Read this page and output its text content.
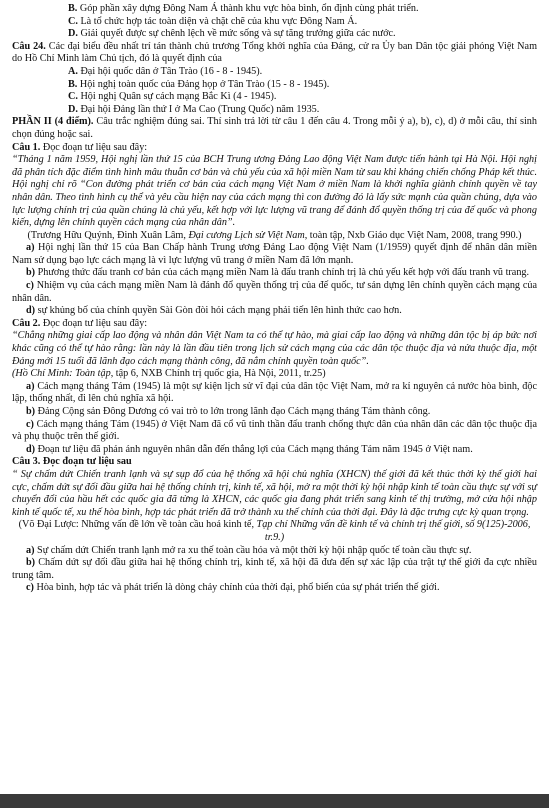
B. Góp phần xây dựng Đông Nam Á thành khu vực hòa bình, ổn định cùng phát triển.

C. Là tổ chức hợp tác toàn diện và chặt chẽ của khu vực Đông Nam Á.

D. Giải quyết được sự chênh lệch về mức sống và sự tăng trưởng giữa các nước.

Câu 24. Các đại biểu đều nhất trí tán thành chủ trương Tổng khởi nghĩa của Đảng, cử ra Ủy ban Dân tộc giải phóng Việt Nam do Hồ Chí Minh làm Chủ tịch, đó là quyết định của

A. Đại hội quốc dân ở Tân Trào (16 - 8 - 1945).

B. Hội nghị toàn quốc của Đảng họp ở Tân Trào (15 - 8 - 1945).

C. Hội nghị Quân sự cách mạng Bắc Kì (4 - 1945).

D. Đại hội Đảng lần thứ I ở Ma Cao (Trung Quốc) năm 1935.

PHẦN II (4 điểm). Câu trắc nghiệm đúng sai. Thí sinh trả lời từ câu 1 đến câu 4. Trong mỗi ý a), b), c), d) ở mỗi câu, thí sinh chọn đúng hoặc sai.

Câu 1. Đọc đoạn tư liệu sau đây:

“Tháng 1 năm 1959, Hội nghị lần thứ 15 của BCH Trung ương Đảng Lao động Việt Nam được tiến hành tại Hà Nội. Hội nghị đã phân tích đặc điểm tình hình mâu thuẫn cơ bản và chủ yếu của xã hội miền Nam từ sau khi kháng chiến chống Pháp kết thúc. Hội nghị chỉ rõ “Con đường phát triển cơ bản của cách mạng Việt Nam ở miền Nam là khởi nghĩa giành chính quyền về tay nhân dân. Theo tình hình cụ thể và yêu cầu hiện nay của cách mạng thì con đường đó là lấy sức mạnh của quần chúng, dựa vào lực lượng chính trị của quần chúng là chủ yếu, kết hợp với lực lượng vũ trang để đánh đổ quyền thống trị của đế quốc và phong kiến, dựng lên chính quyền cách mạng của nhân dân”.

(Trương Hữu Quýnh, Đinh Xuân Lâm, Đại cương Lịch sử Việt Nam, toàn tập, Nxb Giáo dục Việt Nam, 2008, trang 990.)

a) Hội nghị lần thứ 15 của Ban Chấp hành Trung ương Đảng Lao động Việt Nam (1/1959) quyết định để nhân dân miền Nam sử dụng bạo lực cách mạng là vì lực lượng vũ trang ở miền Nam đã lớn mạnh.

b) Phương thức đấu tranh cơ bản của cách mạng miền Nam là đấu tranh chính trị là chủ yếu kết hợp với đấu tranh vũ trang.

c) Nhiệm vụ của cách mạng miền Nam là đánh đổ quyền thống trị của đế quốc, tư sản dựng lên chính quyền cách mạng của nhân dân.

d) sự khủng bố của chính quyền Sài Gòn đòi hỏi cách mạng phải tiến lên hình thức cao hơn.

Câu 2. Đọc đoạn tư liệu sau đây:

“Chẳng những giai cấp lao động và nhân dân Việt Nam ta có thể tự hào, mà giai cấp lao động và những dân tộc bị áp bức nơi khác cũng có thể tự hào rằng: lần này là lần đầu tiên trong lịch sử cách mạng của các dân tộc thuộc địa và nửa thuộc địa, một Đảng mới 15 tuổi đã lãnh đạo cách mạng thành công, đã nắm chính quyền toàn quốc”.

(Hồ Chí Minh: Toàn tập, tập 6, NXB Chính trị quốc gia, Hà Nội, 2011, tr.25)

a) Cách mạng tháng Tám (1945) là một sự kiện lịch sử vĩ đại của dân tộc Việt Nam, mở ra kỉ nguyên cả nước hòa bình, độc lập, thống nhất, đi lên chủ nghĩa xã hội.

b) Đảng Cộng sản Đông Dương có vai trò to lớn trong lãnh đạo Cách mạng tháng Tám thành công.

c) Cách mạng tháng Tám (1945) ở Việt Nam đã cổ vũ tinh thần đấu tranh chống thực dân của nhân dân các dân tộc thuộc địa và phụ thuộc trên thế giới.

d) Đoạn tư liệu đã phản ánh nguyên nhân dẫn đến thắng lợi của Cách mạng tháng Tám năm 1945 ở Việt nam.

Câu 3. Đọc đoạn tư liệu sau

“ Sự chấm dứt Chiến tranh lạnh và sự sụp đổ của hệ thống xã hội chủ nghĩa (XHCN) thế giới đã kết thúc thời kỳ thế giới hai cực, chấm dứt sự đối đầu giữa hai hệ thống chính trị, kinh tế, xã hội, mở ra một thời kỳ hội nhập kinh tế toàn cầu thực sự với sự chuyển đổi của hầu hết các quốc gia đã từng là XHCN, các quốc gia đang phát triển sang kinh tế thị trường, mở cửa hội nhập kinh tế quốc tế, xu thế hòa bình, hợp tác phát triển đã trở thành xu thế chính của thời đại. Đây là đặc trưng cực kỳ quan trọng.

(Võ Đại Lược: Những vấn đề lớn về toàn cầu hoá kinh tế, Tạp chí Những vấn đề kinh tế và chính trị thế giới, số 9(125)-2006, tr.9.)

a) Sự chấm dứt Chiến tranh lạnh mở ra xu thế toàn cầu hóa và một thời kỳ hội nhập quốc tế toàn cầu thực sự.

b) Chấm dứt sự đối đầu giữa hai hệ thống chính trị, kinh tế, xã hội đã đưa đến sự xác lập của trật tự thế giới đa cực nhiều trung tâm.

c) Hòa bình, hợp tác và phát triển là dòng chảy chính của thời đại, phổ biến của sự phát triển thế giới.
